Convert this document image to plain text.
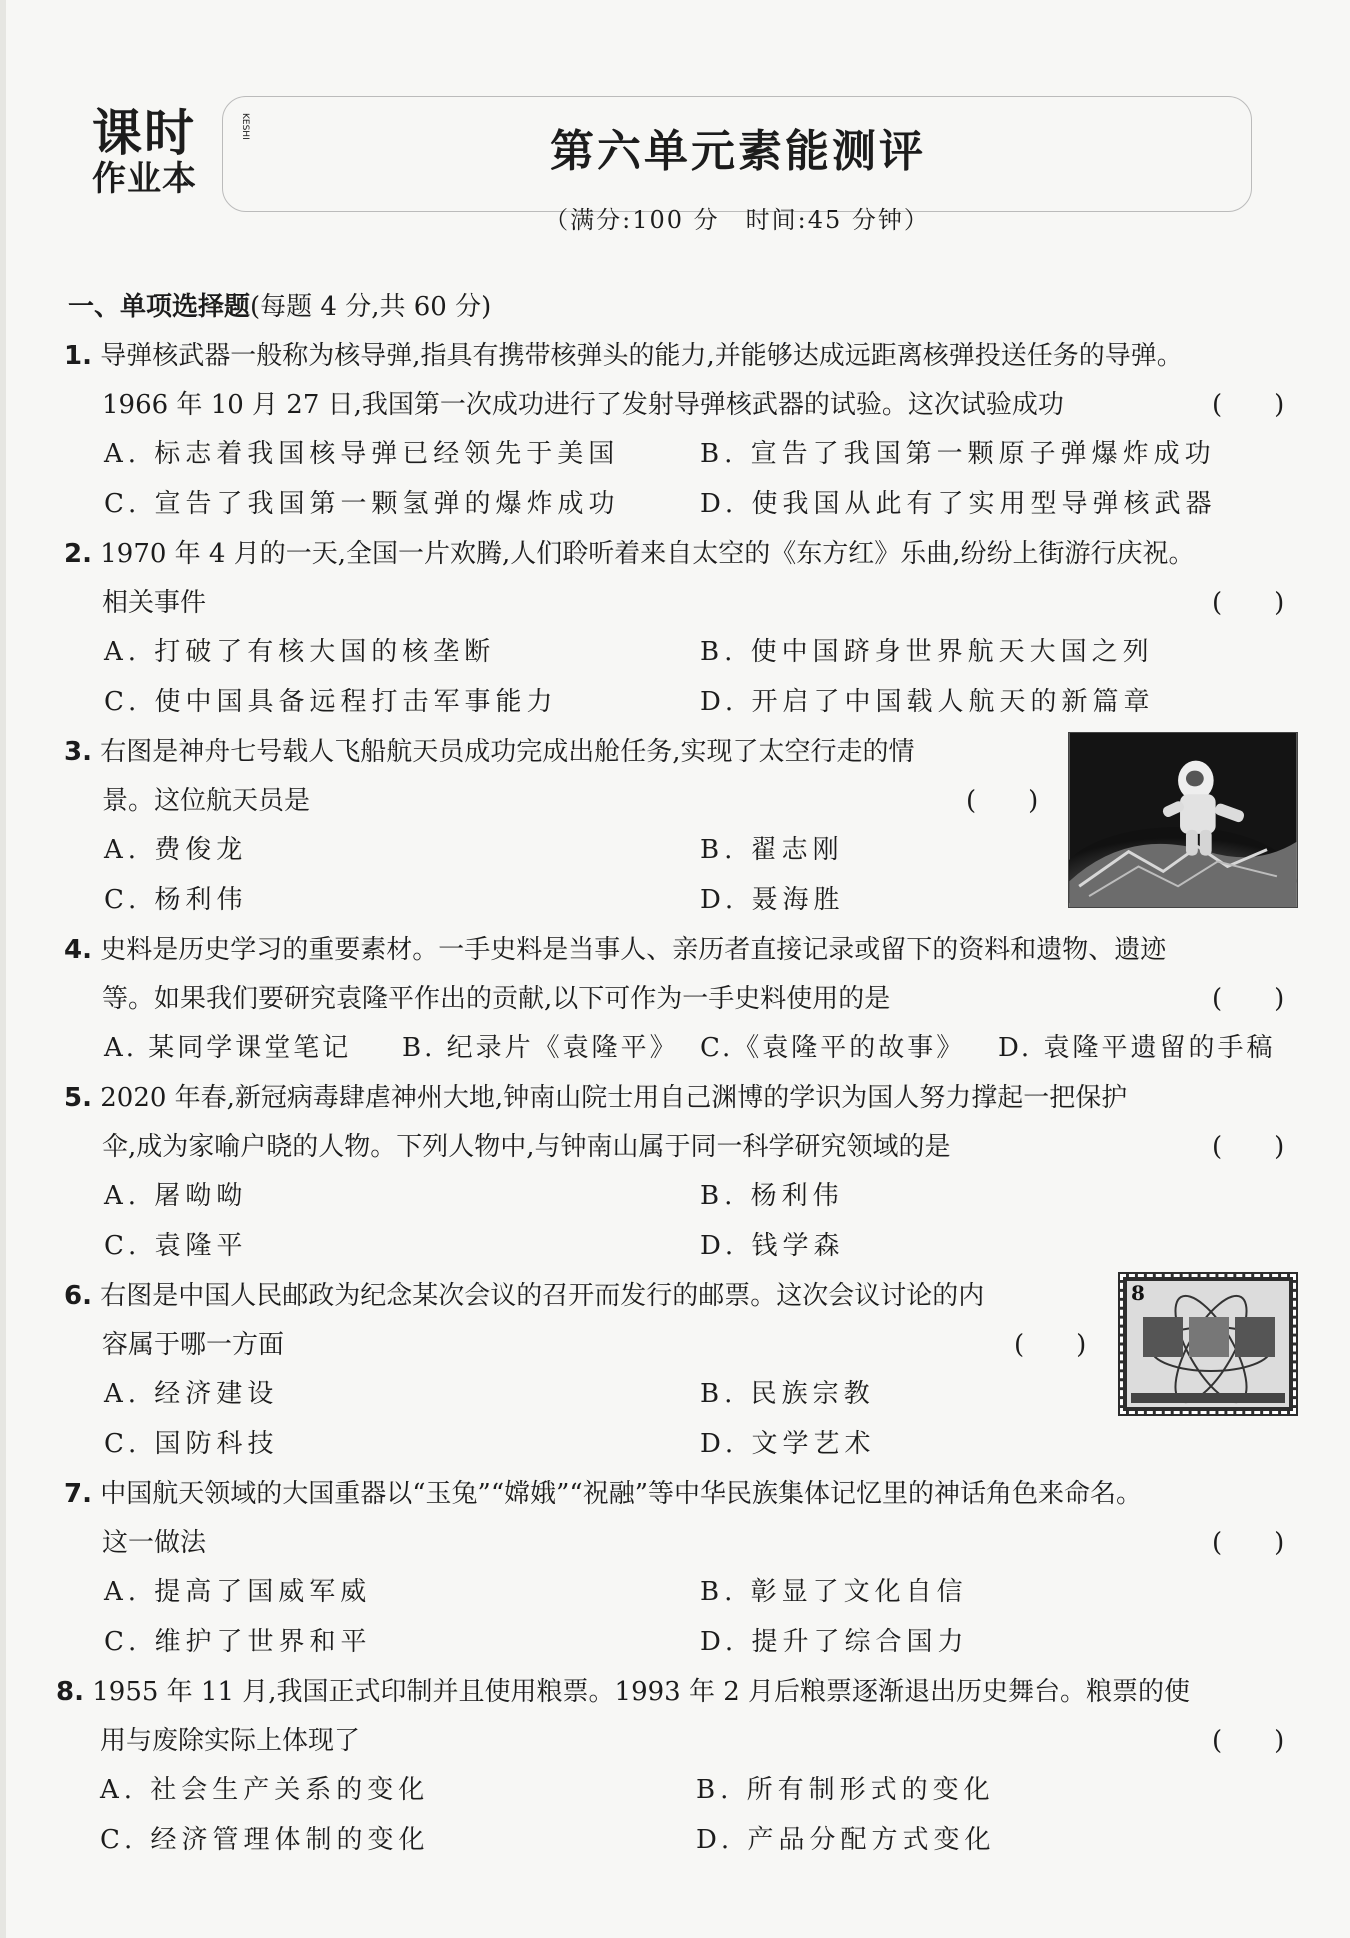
课时
作业本
KESHI	第六单元素能测评
（满分:100 分　时间:45 分钟）
一、单项选择题(每题 4 分,共 60 分)
1. 导弹核武器一般称为核导弹,指具有携带核弹头的能力,并能够达成远距离核弹投送任务的导弹。
1966 年 10 月 27 日,我国第一次成功进行了发射导弹核武器的试验。这次试验成功	(　　)
A. 标志着我国核导弹已经领先于美国	B. 宣告了我国第一颗原子弹爆炸成功
C. 宣告了我国第一颗氢弹的爆炸成功	D. 使我国从此有了实用型导弹核武器
2. 1970 年 4 月的一天,全国一片欢腾,人们聆听着来自太空的《东方红》乐曲,纷纷上街游行庆祝。
相关事件	(　　)
A. 打破了有核大国的核垄断	B. 使中国跻身世界航天大国之列
C. 使中国具备远程打击军事能力	D. 开启了中国载人航天的新篇章
3. 右图是神舟七号载人飞船航天员成功完成出舱任务,实现了太空行走的情
景。这位航天员是	(　　)
A. 费俊龙	B. 翟志刚
C. 杨利伟	D. 聂海胜
4. 史料是历史学习的重要素材。一手史料是当事人、亲历者直接记录或留下的资料和遗物、遗迹
等。如果我们要研究袁隆平作出的贡献,以下可作为一手史料使用的是	(　　)
A. 某同学课堂笔记 B. 纪录片《袁隆平》 C.《袁隆平的故事》 D. 袁隆平遗留的手稿
5. 2020 年春,新冠病毒肆虐神州大地,钟南山院士用自己渊博的学识为国人努力撑起一把保护
伞,成为家喻户晓的人物。下列人物中,与钟南山属于同一科学研究领域的是	(　　)
A. 屠呦呦	B. 杨利伟
C. 袁隆平	D. 钱学森
6. 右图是中国人民邮政为纪念某次会议的召开而发行的邮票。这次会议讨论的内
容属于哪一方面	(　　)
A. 经济建设	B. 民族宗教
C. 国防科技	D. 文学艺术
8
7. 中国航天领域的大国重器以“玉兔”“嫦娥”“祝融”等中华民族集体记忆里的神话角色来命名。
这一做法	(　　)
A. 提高了国威军威	B. 彰显了文化自信
C. 维护了世界和平	D. 提升了综合国力
8. 1955 年 11 月,我国正式印制并且使用粮票。1993 年 2 月后粮票逐渐退出历史舞台。粮票的使
用与废除实际上体现了	(　　)
A. 社会生产关系的变化	B. 所有制形式的变化
C. 经济管理体制的变化	D. 产品分配方式变化
